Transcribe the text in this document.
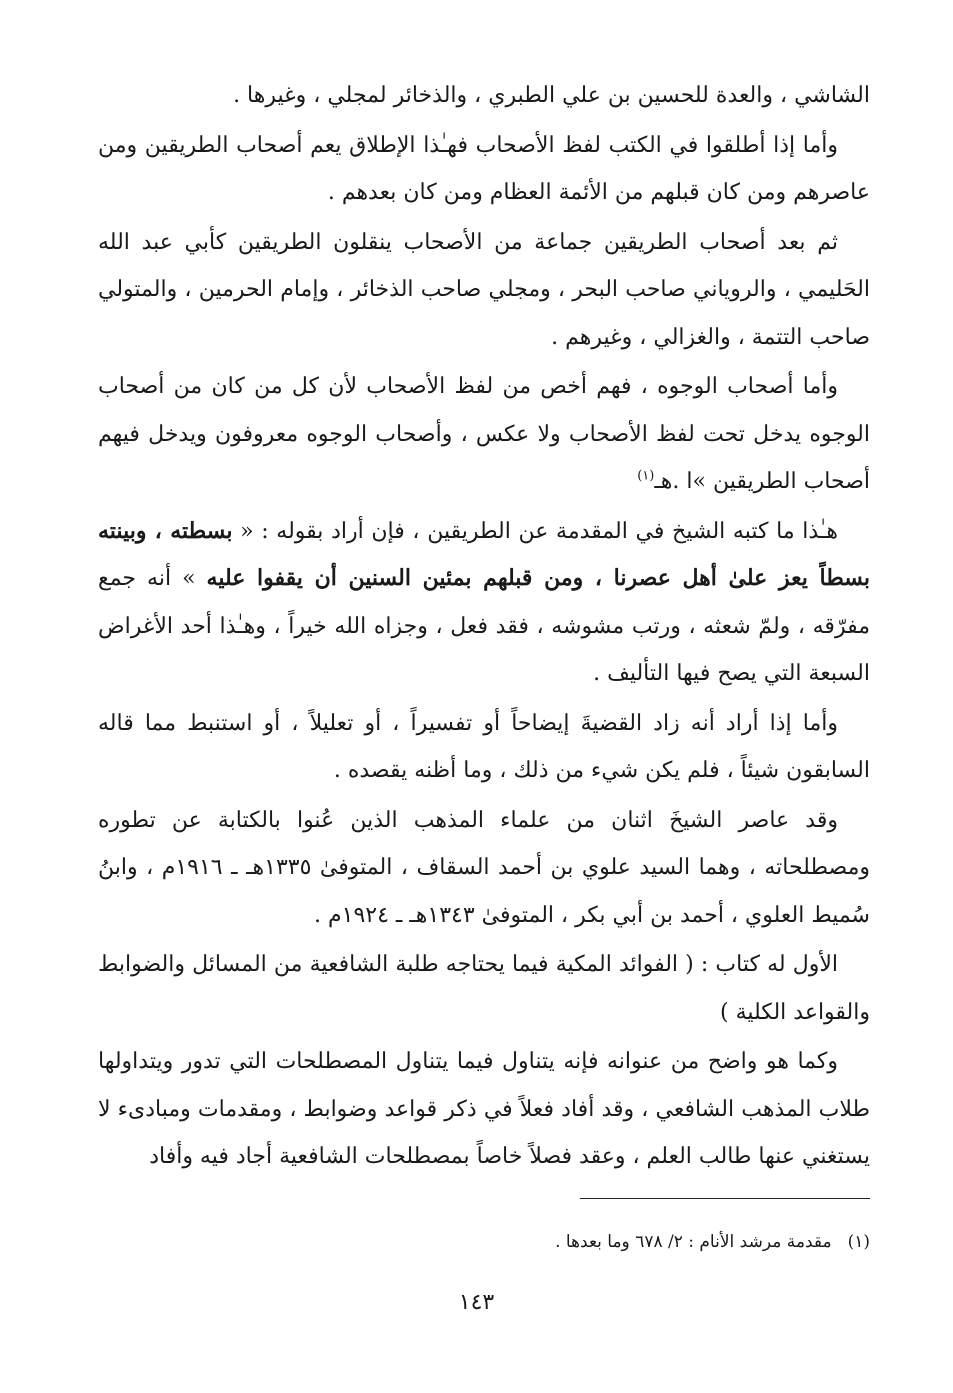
الشاشي ، والعدة للحسين بن علي الطبري ، والذخائر لمجلي ، وغيرها .

وأما إذا أطلقوا في الكتب لفظ الأصحاب فهـٰذا الإطلاق يعم أصحاب الطريقين ومن عاصرهم ومن كان قبلهم من الأئمة العظام ومن كان بعدهم .

ثم بعد أصحاب الطريقين جماعة من الأصحاب ينقلون الطريقين كأبي عبد الله الحَليمي ، والروياني صاحب البحر ، ومجلي صاحب الذخائر ، وإمام الحرمين ، والمتولي صاحب التتمة ، والغزالي ، وغيرهم .

وأما أصحاب الوجوه ، فهم أخص من لفظ الأصحاب لأن كل من كان من أصحاب الوجوه يدخل تحت لفظ الأصحاب ولا عكس ، وأصحاب الوجوه معروفون ويدخل فيهم أصحاب الطريقين »ا .هـ$^{(١)}$

هـٰذا ما كتبه الشيخ في المقدمة عن الطريقين ، فإن أراد بقوله : « بسطته ، وبينته بسطاً يعز علىٰ أهل عصرنا ، ومن قبلهم بمئين السنين أن يقفوا عليه » أنه جمع مفرّقه ، ولمّ شعثه ، ورتب مشوشه ، فقد فعل ، وجزاه الله خيراً ، وهـٰذا أحد الأغراض السبعة التي يصح فيها التأليف .

وأما إذا أراد أنه زاد القضيةَ إيضاحاً أو تفسيراً ، أو تعليلاً ، أو استنبط مما قاله السابقون شيئاً ، فلم يكن شيء من ذلك ، وما أظنه يقصده .

وقد عاصر الشيخَ اثنان من علماء المذهب الذين عُنوا بالكتابة عن تطوره ومصطلحاته ، وهما السيد علوي بن أحمد السقاف ، المتوفىٰ ١٣٣٥هـ ـ ١٩١٦م ، وابنُ سُميط العلوي ، أحمد بن أبي بكر ، المتوفىٰ ١٣٤٣هـ ـ ١٩٢٤م .

الأول له كتاب : ( الفوائد المكية فيما يحتاجه طلبة الشافعية من المسائل والضوابط والقواعد الكلية )

وكما هو واضح من عنوانه فإنه يتناول فيما يتناول المصطلحات التي تدور ويتداولها طلاب المذهب الشافعي ، وقد أفاد فعلاً في ذكر قواعد وضوابط ، ومقدمات ومبادىء لا يستغني عنها طالب العلم ، وعقد فصلاً خاصاً بمصطلحات الشافعية أجاد فيه وأفاد

(١)مقدمة مرشد الأنام : ٢/ ٦٧٨ وما بعدها .
١٤٣
